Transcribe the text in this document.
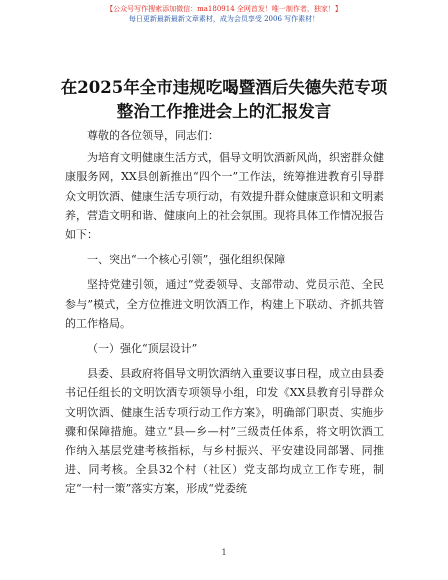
【公众号写作搜索添加微信：ma180914 全网首发！唯一制作者，独家！】
每日更新最新最新文章素材，成为会员享受 2006 写作素材！
在2025年全市违规吃喝暨酒后失德失范专项整治工作推进会上的汇报发言

尊敬的各位领导，同志们：

为培育文明健康生活方式，倡导文明饮酒新风尚，织密群众健康服务网，XX县创新推出“四个一”工作法，统筹推进教育引导群众文明饮酒、健康生活专项行动，有效提升群众健康意识和文明素养，营造文明和谐、健康向上的社会氛围。现将具体工作情况报告如下：

一、突出“一个核心引领”，强化组织保障

坚持党建引领，通过“党委领导、支部带动、党员示范、全民参与”模式，全方位推进文明饮酒工作，构建上下联动、齐抓共管的工作格局。

（一）强化“顶层设计”

县委、县政府将倡导文明饮酒纳入重要议事日程，成立由县委书记任组长的文明饮酒专项领导小组，印发《XX县教育引导群众文明饮酒、健康生活专项行动工作方案》，明确部门职责、实施步骤和保障措施。建立“县—乡—村”三级责任体系，将文明饮酒工作纳入基层党建考核指标，与乡村振兴、平安建设同部署、同推进、同考核。全县32个村（社区）党支部均成立工作专班，制定“一村一策”落实方案，形成“党委统

1
